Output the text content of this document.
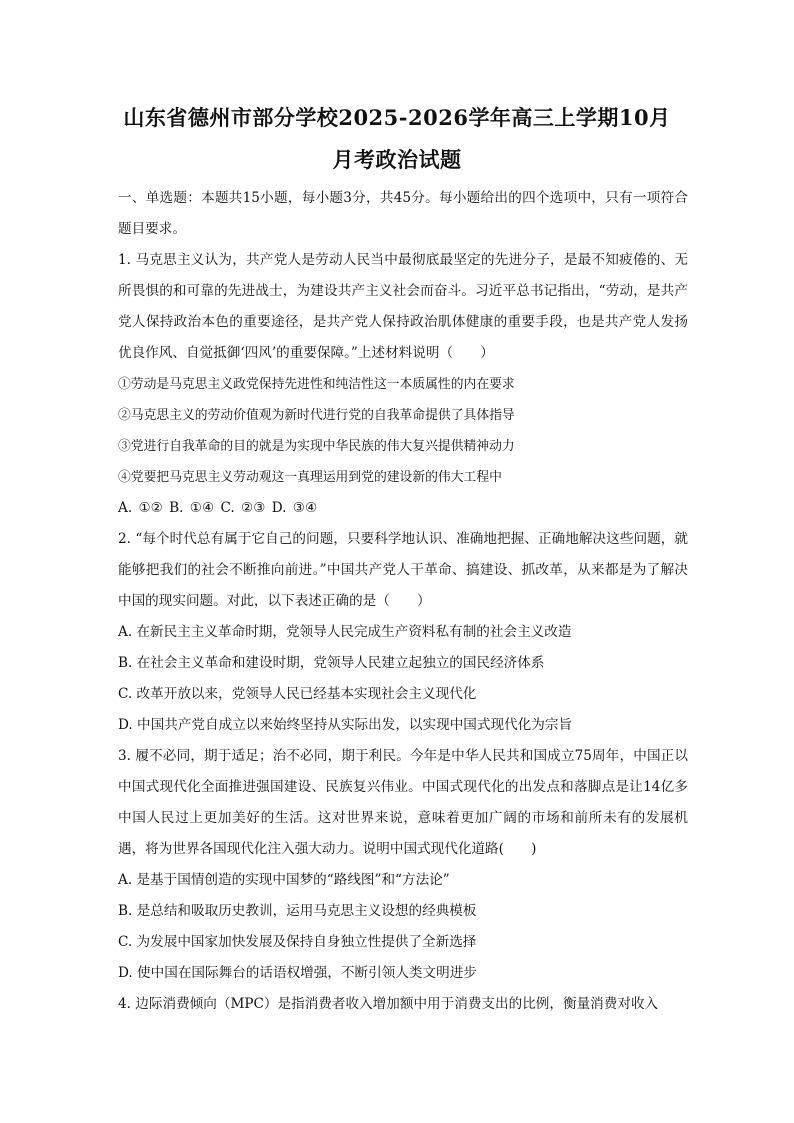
山东省德州市部分学校2025-2026学年高三上学期10月
月考政治试题

一、单选题：本题共15小题，每小题3分，共45分。每小题给出的四个选项中，只有一项符合题目要求。

1. 马克思主义认为，共产党人是劳动人民当中最彻底最坚定的先进分子，是最不知疲倦的、无所畏惧的和可靠的先进战士，为建设共产主义社会而奋斗。习近平总书记指出，“劳动，是共产党人保持政治本色的重要途径，是共产党人保持政治肌体健康的重要手段，也是共产党人发扬优良作风、自觉抵御‘四风’的重要保障。”上述材料说明（　　）

①劳动是马克思主义政党保持先进性和纯洁性这一本质属性的内在要求

②马克思主义的劳动价值观为新时代进行党的自我革命提供了具体指导

③党进行自我革命的目的就是为实现中华民族的伟大复兴提供精神动力

④党要把马克思主义劳动观这一真理运用到党的建设新的伟大工程中

A. ①② B. ①④ C. ②③ D. ③④

2. “每个时代总有属于它自己的问题，只要科学地认识、准确地把握、正确地解决这些问题，就能够把我们的社会不断推向前进。”中国共产党人干革命、搞建设、抓改革，从来都是为了解决中国的现实问题。对此，以下表述正确的是（　　）

A. 在新民主主义革命时期，党领导人民完成生产资料私有制的社会主义改造

B. 在社会主义革命和建设时期，党领导人民建立起独立的国民经济体系

C. 改革开放以来，党领导人民已经基本实现社会主义现代化

D. 中国共产党自成立以来始终坚持从实际出发，以实现中国式现代化为宗旨

3. 履不必同，期于适足；治不必同，期于利民。今年是中华人民共和国成立75周年，中国正以中国式现代化全面推进强国建设、民族复兴伟业。中国式现代化的出发点和落脚点是让14亿多中国人民过上更加美好的生活。这对世界来说，意味着更加广阔的市场和前所未有的发展机遇，将为世界各国现代化注入强大动力。说明中国式现代化道路(　　)

A. 是基于国情创造的实现中国梦的“路线图”和“方法论”

B. 是总结和吸取历史教训，运用马克思主义设想的经典模板

C. 为发展中国家加快发展及保持自身独立性提供了全新选择

D. 使中国在国际舞台的话语权增强，不断引领人类文明进步

4. 边际消费倾向（MPC）是指消费者收入增加额中用于消费支出的比例，衡量消费对收入
